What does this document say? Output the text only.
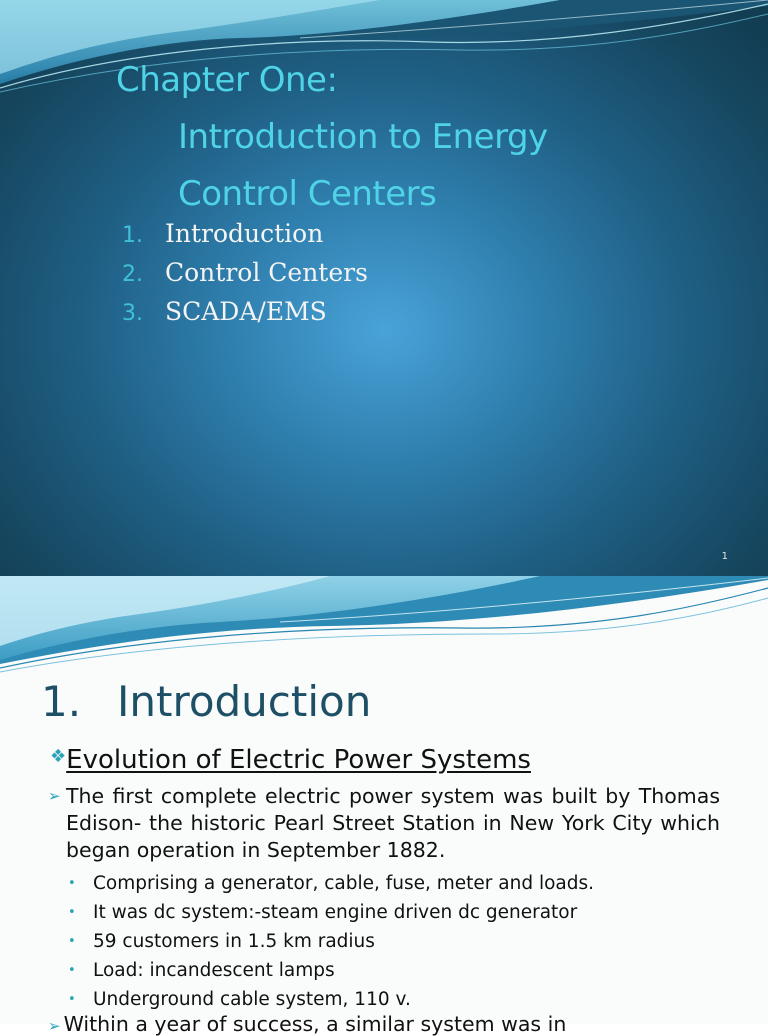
Chapter One:

Introduction to Energy
Control Centers
1. Introduction
2. Control Centers
3. SCADA/EMS
1
1. Introduction
❖Evolution of Electric Power Systems
➢ The first complete electric power system was built by Thomas Edison- the historic Pearl Street Station in New York City which began operation in September 1882.
• Comprising a generator, cable, fuse, meter and loads.
• It was dc system:-steam engine driven dc generator
• 59 customers in 1.5 km radius
• Load: incandescent lamps
• Underground cable system, 110 v.
➢ Within a year of success, a similar system was in
